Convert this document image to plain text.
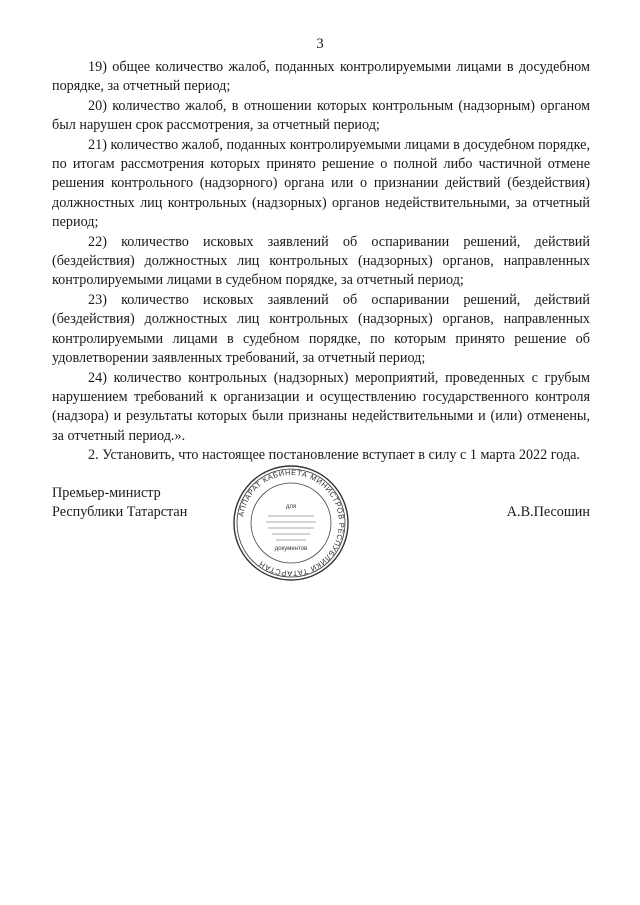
3

19) общее количество жалоб, поданных контролируемыми лицами в досудебном порядке, за отчетный период;

20) количество жалоб, в отношении которых контрольным (надзорным) органом был нарушен срок рассмотрения, за отчетный период;

21) количество жалоб, поданных контролируемыми лицами в досудебном порядке, по итогам рассмотрения которых принято решение о полной либо частичной отмене решения контрольного (надзорного) органа или о признании действий (бездействия) должностных лиц контрольных (надзорных) органов недействительными, за отчетный период;

22) количество исковых заявлений об оспаривании решений, действий (бездействия) должностных лиц контрольных (надзорных) органов, направленных контролируемыми лицами в судебном порядке, за отчетный период;

23) количество исковых заявлений об оспаривании решений, действий (бездействия) должностных лиц контрольных (надзорных) органов, направленных контролируемыми лицами в судебном порядке, по которым принято решение об удовлетворении заявленных требований, за отчетный период;

24) количество контрольных (надзорных) мероприятий, проведенных с грубым нарушением требований к организации и осуществлению государственного контроля (надзора) и результаты которых были признаны недействительными и (или) отменены, за отчетный период.».

2. Установить, что настоящее постановление вступает в силу с 1 марта 2022 года.

Премьер-министр
Республики Татарстан	А.В.Песошин
АППАРАТ КАБИНЕТА МИНИСТРОВ РЕСПУБЛИКИ ТАТАРСТАН
для
документов
